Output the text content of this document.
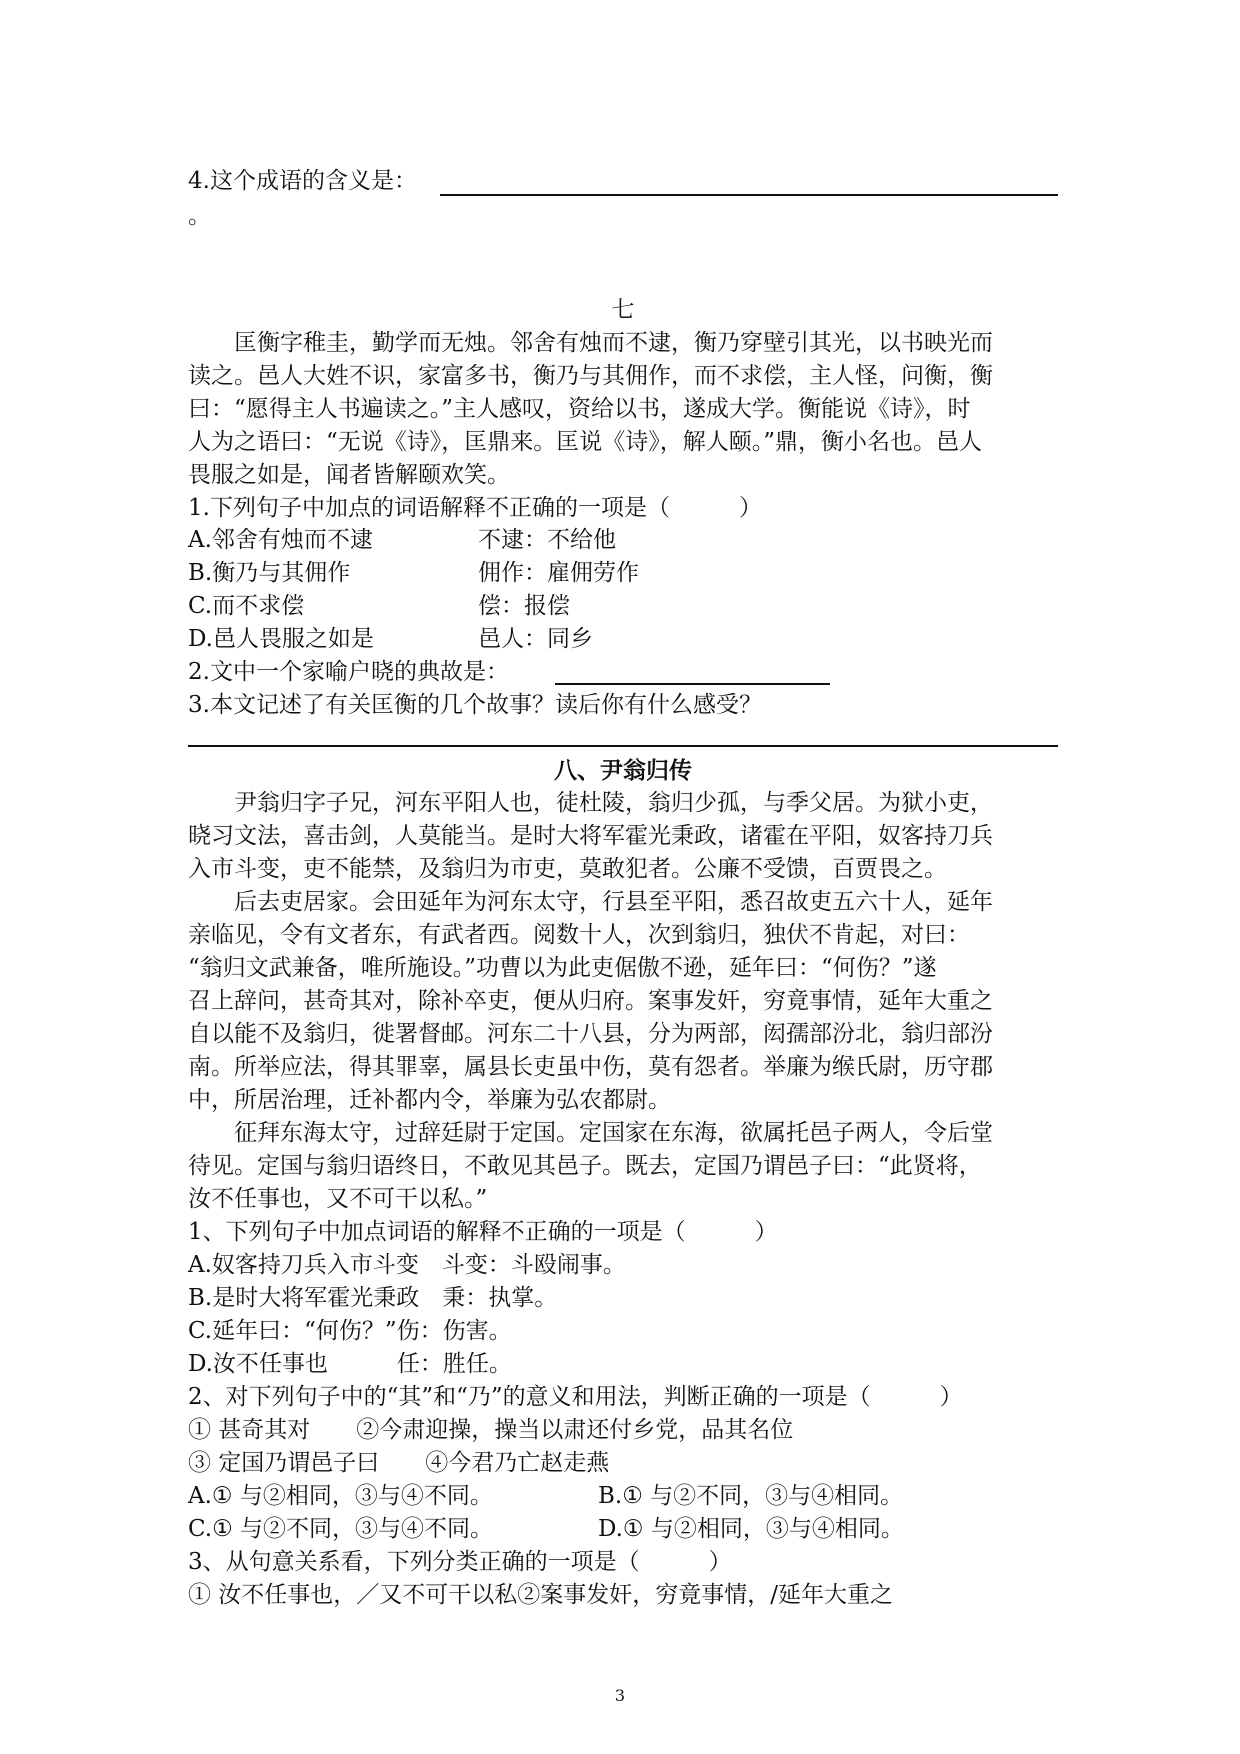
4.这个成语的含义是：
。
七
　　匡衡字稚圭，勤学而无烛。邻舍有烛而不逮，衡乃穿壁引其光，以书映光而
读之。邑人大姓不识，家富多书，衡乃与其佣作，而不求偿，主人怪，问衡，衡
曰：“愿得主人书遍读之。”主人感叹，资给以书，遂成大学。衡能说《诗》，时
人为之语曰：“无说《诗》，匡鼎来。匡说《诗》，解人颐。”鼎，衡小名也。邑人
畏服之如是，闻者皆解颐欢笑。
1.下列句子中加点的词语解释不正确的一项是（　　　）
A.邻舍有烛而不逮	不逮：不给他
B.衡乃与其佣作	佣作：雇佣劳作
C.而不求偿	偿：报偿
D.邑人畏服之如是	邑人：同乡
2.文中一个家喻户晓的典故是：
3.本文记述了有关匡衡的几个故事？读后你有什么感受？
八、尹翁归传
　　尹翁归字子兄，河东平阳人也，徒杜陵，翁归少孤，与季父居。为狱小吏，
晓习文法，喜击剑，人莫能当。是时大将军霍光秉政，诸霍在平阳，奴客持刀兵
入市斗变，吏不能禁，及翁归为市吏，莫敢犯者。公廉不受馈，百贾畏之。
　　后去吏居家。会田延年为河东太守，行县至平阳，悉召故吏五六十人，延年
亲临见，令有文者东，有武者西。阅数十人，次到翁归，独伏不肯起，对曰：
“翁归文武兼备，唯所施设。”功曹以为此吏倨傲不逊，延年曰：“何伤？”遂
召上辞问，甚奇其对，除补卒吏，便从归府。案事发奸，穷竟事情，延年大重之
自以能不及翁归，徙署督邮。河东二十八县，分为两部，闳孺部汾北，翁归部汾
南。所举应法，得其罪辜，属县长吏虽中伤，莫有怨者。举廉为缑氏尉，历守郡
中，所居治理，迁补都内令，举廉为弘农都尉。
　　征拜东海太守，过辞廷尉于定国。定国家在东海，欲属托邑子两人，令后堂
待见。定国与翁归语终日，不敢见其邑子。既去，定国乃谓邑子曰：“此贤将，
汝不任事也，又不可干以私。”
1、下列句子中加点词语的解释不正确的一项是（　　　）
A.奴客持刀兵入市斗变　斗变：斗殴闹事。
B.是时大将军霍光秉政　秉：执掌。
C.延年曰：“何伤？”伤：伤害。
D.汝不任事也　　　任：胜任。
2、对下列句子中的“其”和“乃”的意义和用法，判断正确的一项是（　　　）
① 甚奇其对　　②今肃迎操，操当以肃还付乡党，品其名位
③ 定国乃谓邑子曰　　④今君乃亡赵走燕
A.① 与②相同，③与④不同。	B.① 与②不同，③与④相同。
C.① 与②不同，③与④不同。	D.① 与②相同，③与④相同。
3、从句意关系看，下列分类正确的一项是（　　　）
① 汝不任事也，／又不可干以私②案事发奸，穷竟事情，/延年大重之
3
